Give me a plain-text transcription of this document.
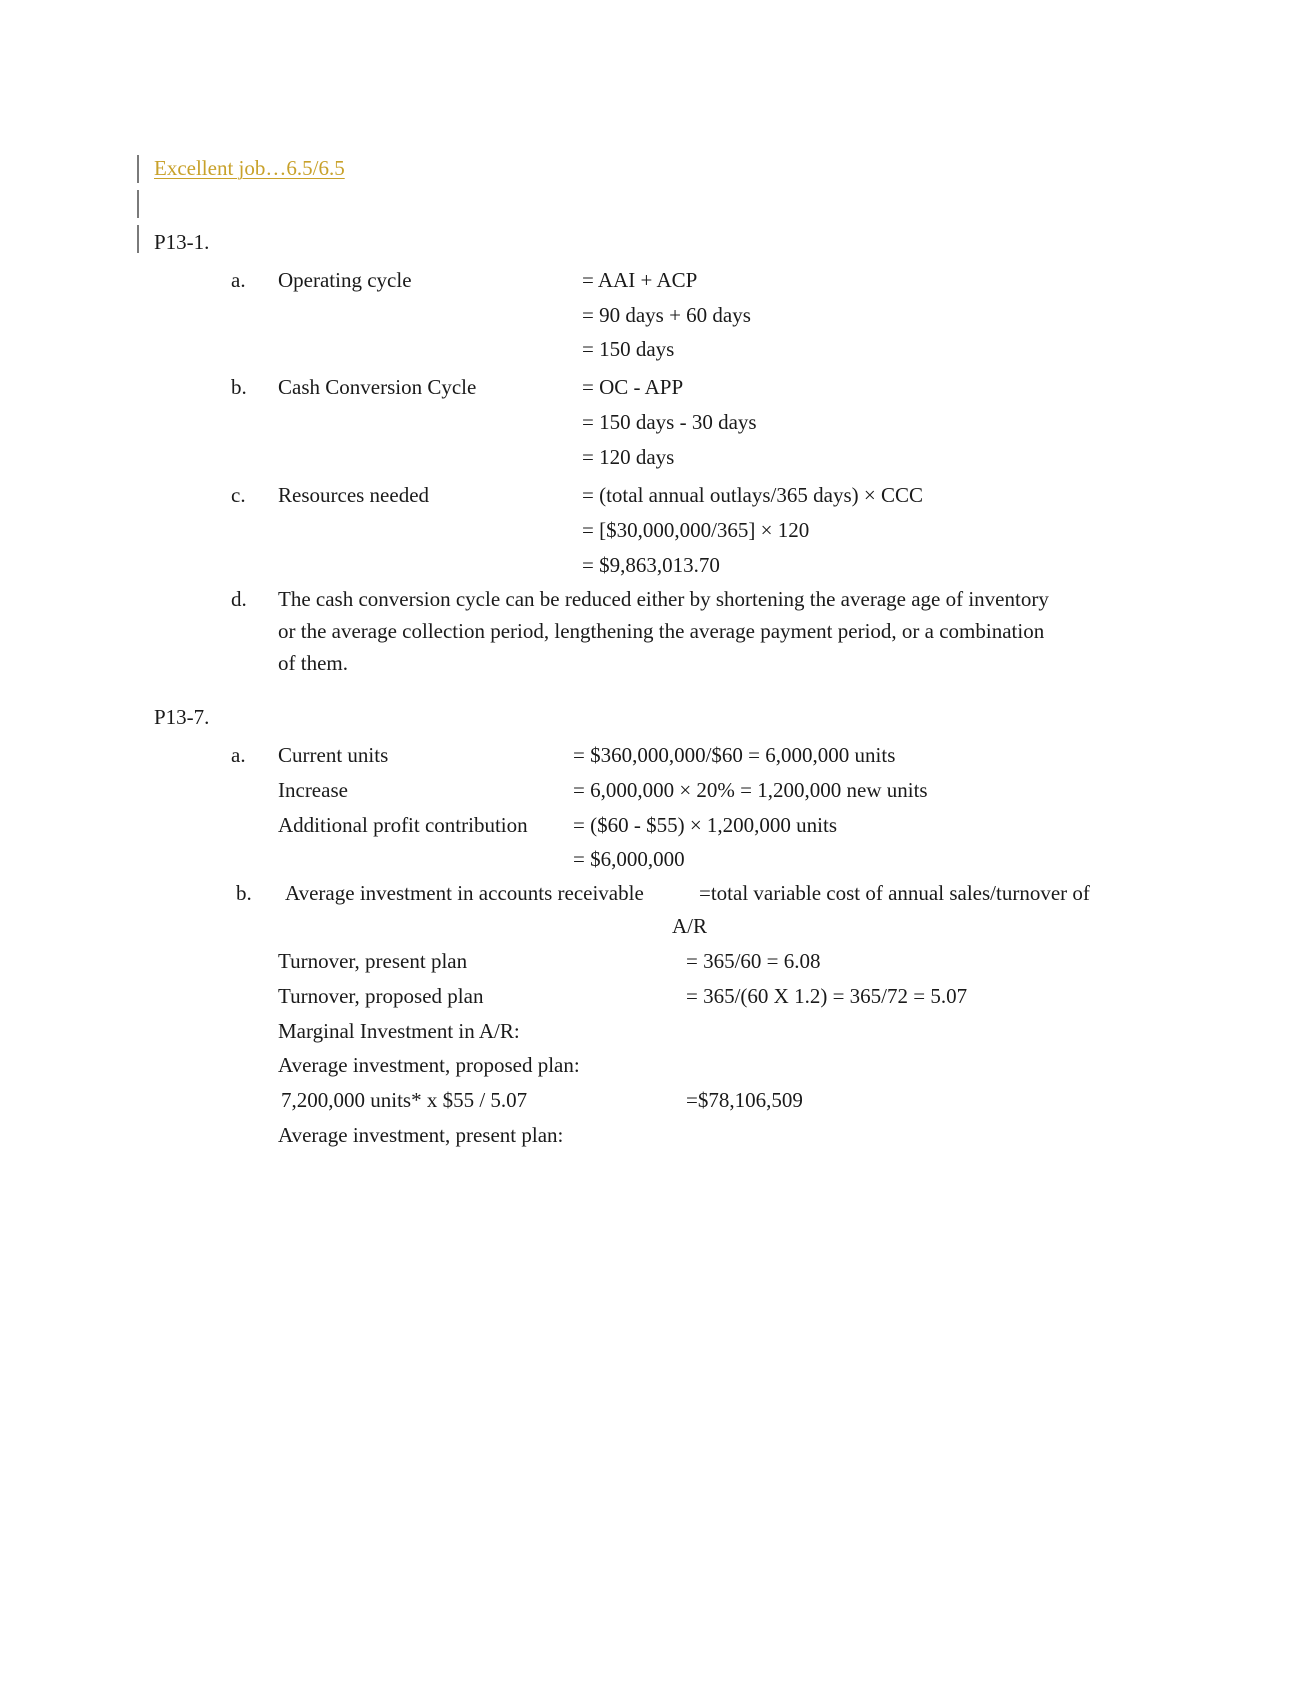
Excellent job…6.5/6.5
P13-1.
a. Operating cycle	= AAI + ACP
= 90 days + 60 days
= 150 days
b. Cash Conversion Cycle	= OC - APP
= 150 days - 30 days
= 120 days
c. Resources needed	= (total annual outlays/365 days) × CCC
= [$30,000,000/365] × 120
= $9,863,013.70
d. The cash conversion cycle can be reduced either by shortening the average age of inventory
or the average collection period, lengthening the average payment period, or a combination
of them.
P13-7.
a. Current units	= $360,000,000/$60 = 6,000,000 units
Increase	= 6,000,000 × 20% = 1,200,000 new units
Additional profit contribution = ($60 - $55) × 1,200,000 units
= $6,000,000
b. Average investment in accounts receivable	=total variable cost of annual sales/turnover of
A/R
Turnover, present plan	= 365/60 = 6.08
Turnover, proposed plan	= 365/(60 X 1.2) = 365/72 = 5.07
Marginal Investment in A/R:
Average investment, proposed plan:
7,200,000 units* x $55 / 5.07	=$78,106,509
Average investment, present plan:
